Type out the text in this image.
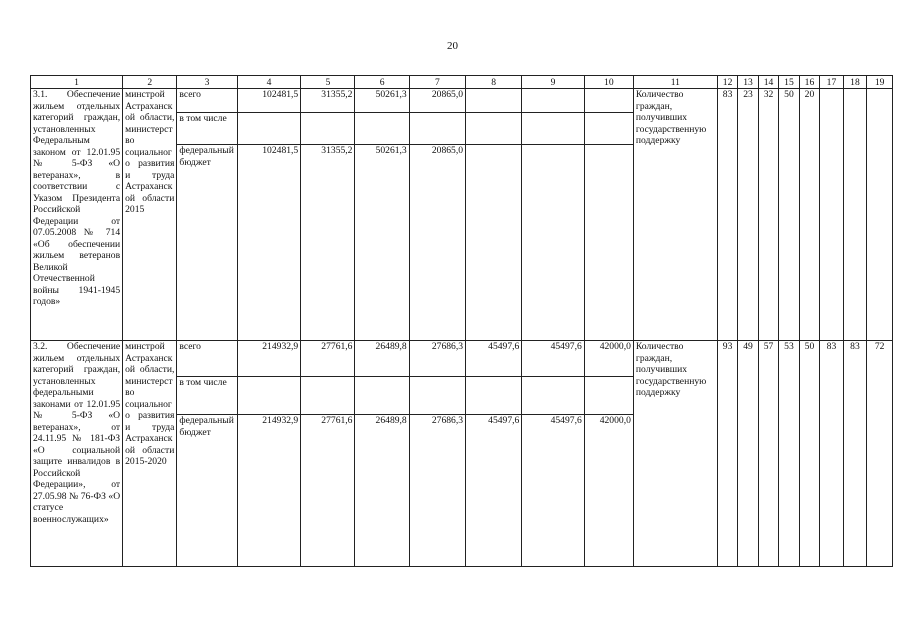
20
1	2	3	4	5	6	7	8	9	10	11	12	13	14	15	16	17	18	19
3.1. Обеспечение жильем отдельных категорий граждан, установленных Федеральным законом от 12.01.95 № 5-ФЗ «О ветеранах», в соответствии с Указом Президента Российской Федерации от 07.05.2008 № 714 «Об обеспечении жильем ветеранов Великой Отечественной войны 1941-1945 годов»	минстрой Астраханской области, министерство социального развития и труда Астраханской области 2015	всего	102481,5	31355,2	50261,3	20865,0				Количество граждан, получивших государственную поддержку	83	23	32	50	20			
		в том числе																
		федеральный бюджет	102481,5	31355,2	50261,3	20865,0												
3.2. Обеспечение жильем отдельных категорий граждан, установленных федеральными законами от 12.01.95 № 5-ФЗ «О ветеранах», от 24.11.95 № 181-ФЗ «О социальной защите инвалидов в Российской Федерации», от 27.05.98 № 76-ФЗ «О статусе военнослужащих»	минстрой Астраханской области, министерство социального развития и труда Астраханской области 2015-2020	всего	214932,9	27761,6	26489,8	27686,3	45497,6	45497,6	42000,0	Количество граждан, получивших государственную поддержку	93	49	57	53	50	83	83	72
		в том числе																
		федеральный бюджет	214932,9	27761,6	26489,8	27686,3	45497,6	45497,6	42000,0									
